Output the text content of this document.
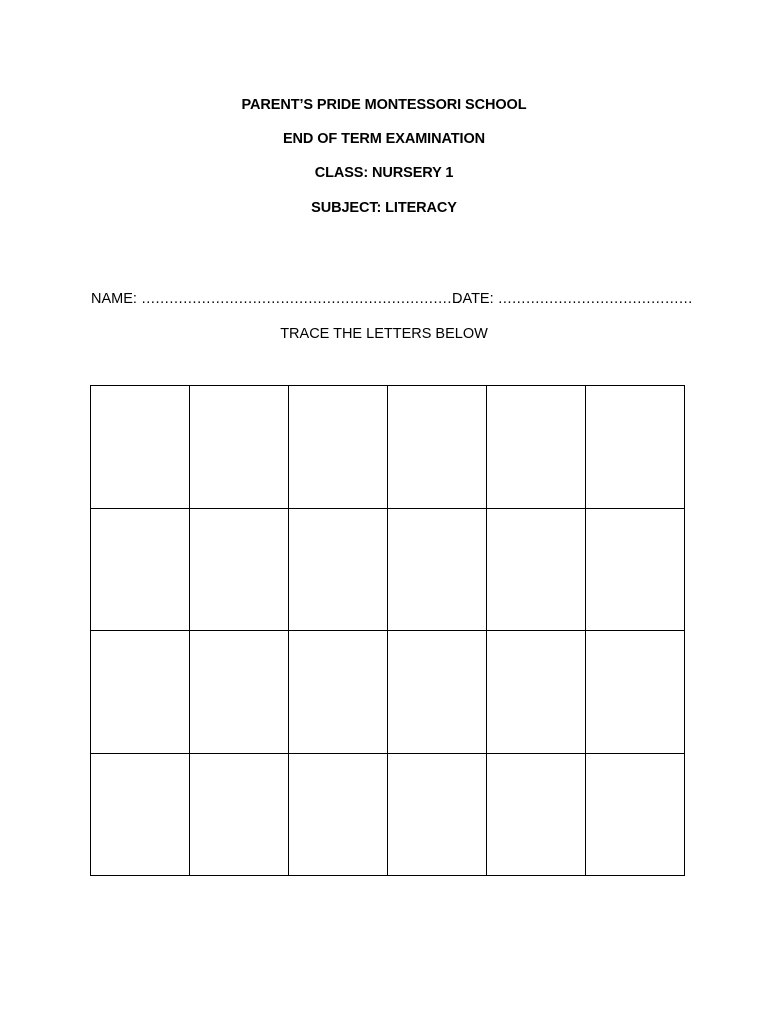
PARENT’S PRIDE MONTESSORI SCHOOL
END OF TERM EXAMINATION
CLASS: NURSERY 1
SUBJECT: LITERACY
NAME: ……………………………………………………………
DATE: ……………………………………
TRACE THE LETTERS BELOW
